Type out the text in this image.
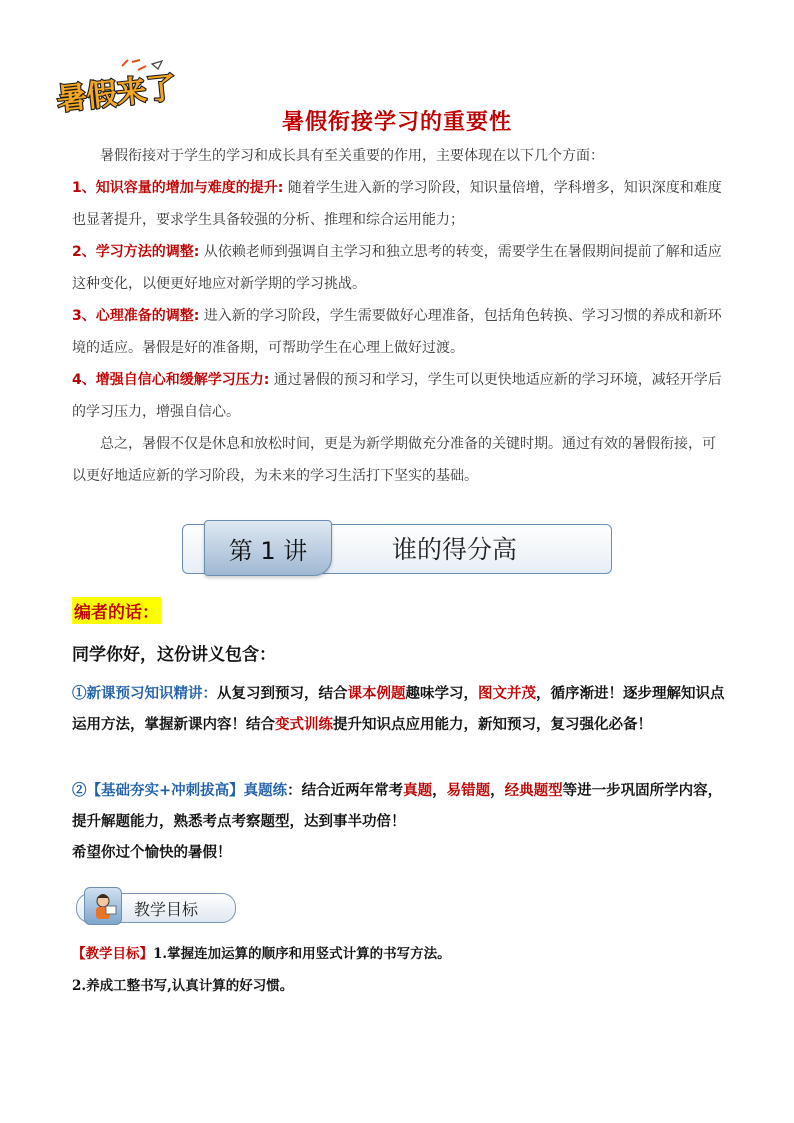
暑假来了
暑假衔接学习的重要性

暑假衔接对于学生的学习和成长具有至关重要的作用，主要体现在以下几个方面：

1、知识容量的增加与难度的提升: 随着学生进入新的学习阶段，知识量倍增，学科增多，知识深度和难度也显著提升，要求学生具备较强的分析、推理和综合运用能力；

2、学习方法的调整: 从依赖老师到强调自主学习和独立思考的转变，需要学生在暑假期间提前了解和适应这种变化，以便更好地应对新学期的学习挑战。

3、心理准备的调整: 进入新的学习阶段，学生需要做好心理准备，包括角色转换、学习习惯的养成和新环境的适应。暑假是好的准备期，可帮助学生在心理上做好过渡。

4、增强自信心和缓解学习压力: 通过暑假的预习和学习，学生可以更快地适应新的学习环境，减轻开学后的学习压力，增强自信心。

总之，暑假不仅是休息和放松时间，更是为新学期做充分准备的关键时期。通过有效的暑假衔接，可以更好地适应新的学习阶段，为未来的学习生活打下坚实的基础。

第 1 讲	谁的得分高
编者的话：
同学你好，这份讲义包含：

①新课预习知识精讲：从复习到预习，结合课本例题趣味学习，图文并茂，循序渐进！逐步理解知识点运用方法，掌握新课内容！结合变式训练提升知识点应用能力，新知预习，复习强化必备！

②【基础夯实+冲刺拔高】真题练：结合近两年常考真题，易错题，经典题型等进一步巩固所学内容，提升解题能力，熟悉考点考察题型，达到事半功倍！

希望你过个愉快的暑假！

教学目标

【教学目标】1.掌握连加运算的顺序和用竖式计算的书写方法。

2.养成工整书写,认真计算的好习惯。
